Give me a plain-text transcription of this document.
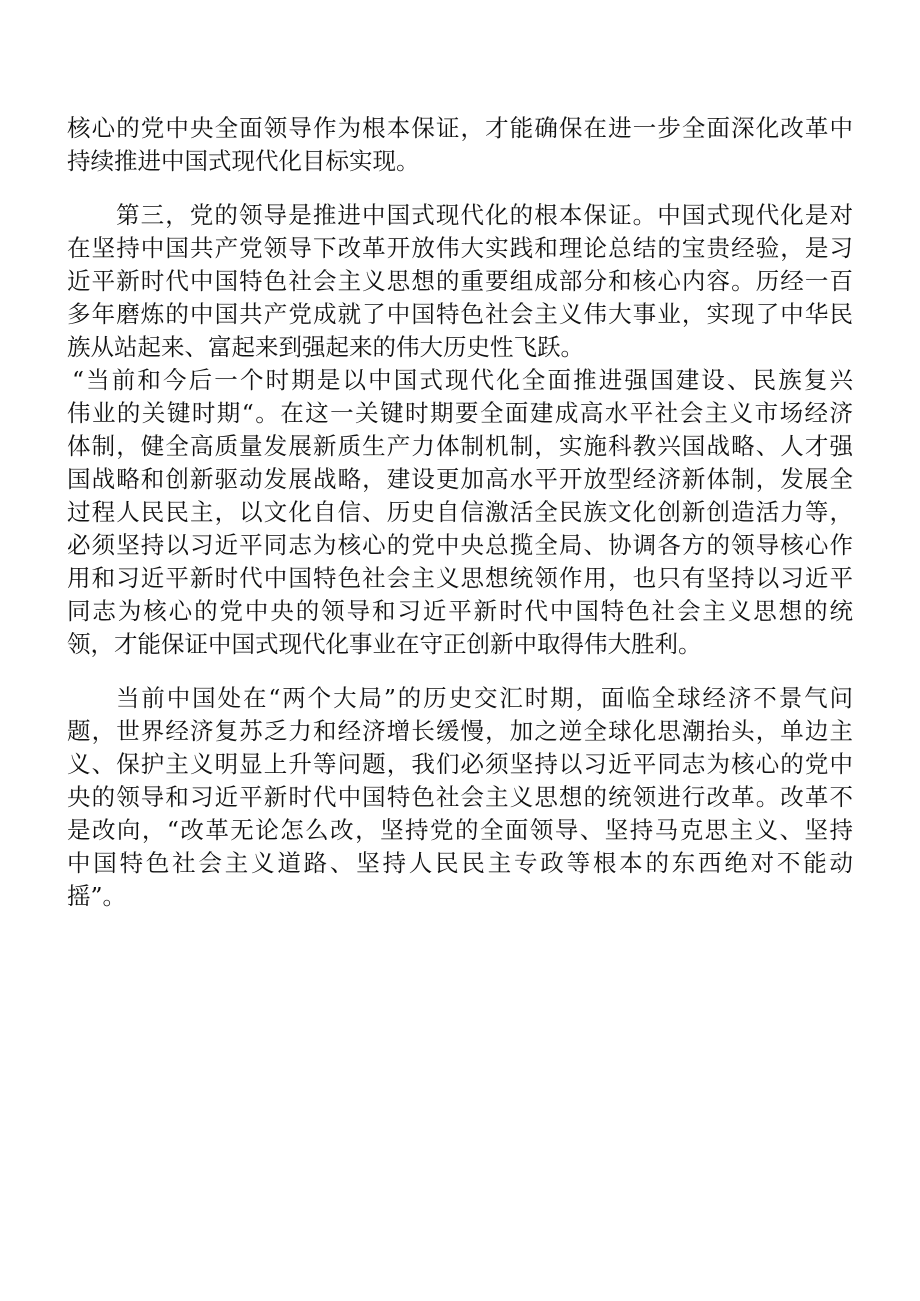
核心的党中央全面领导作为根本保证，才能确保在进一步全面深化改革中
持续推进中国式现代化目标实现。
第三，党的领导是推进中国式现代化的根本保证。中国式现代化是对
在坚持中国共产党领导下改革开放伟大实践和理论总结的宝贵经验，是习
近平新时代中国特色社会主义思想的重要组成部分和核心内容。历经一百
多年磨炼的中国共产党成就了中国特色社会主义伟大事业，实现了中华民
族从站起来、富起来到强起来的伟大历史性飞跃。
“当前和今后一个时期是以中国式现代化全面推进强国建设、民族复兴
伟业的关键时期“。在这一关键时期要全面建成高水平社会主义市场经济
体制，健全高质量发展新质生产力体制机制，实施科教兴国战略、人才强
国战略和创新驱动发展战略，建设更加高水平开放型经济新体制，发展全
过程人民民主，以文化自信、历史自信激活全民族文化创新创造活力等，
必须坚持以习近平同志为核心的党中央总揽全局、协调各方的领导核心作
用和习近平新时代中国特色社会主义思想统领作用，也只有坚持以习近平
同志为核心的党中央的领导和习近平新时代中国特色社会主义思想的统
领，才能保证中国式现代化事业在守正创新中取得伟大胜利。
当前中国处在“两个大局”的历史交汇时期，面临全球经济不景气问
题，世界经济复苏乏力和经济增长缓慢，加之逆全球化思潮抬头，单边主
义、保护主义明显上升等问题，我们必须坚持以习近平同志为核心的党中
央的领导和习近平新时代中国特色社会主义思想的统领进行改革。改革不
是改向，“改革无论怎么改，坚持党的全面领导、坚持马克思主义、坚持
中国特色社会主义道路、坚持人民民主专政等根本的东西绝对不能动
摇”。
